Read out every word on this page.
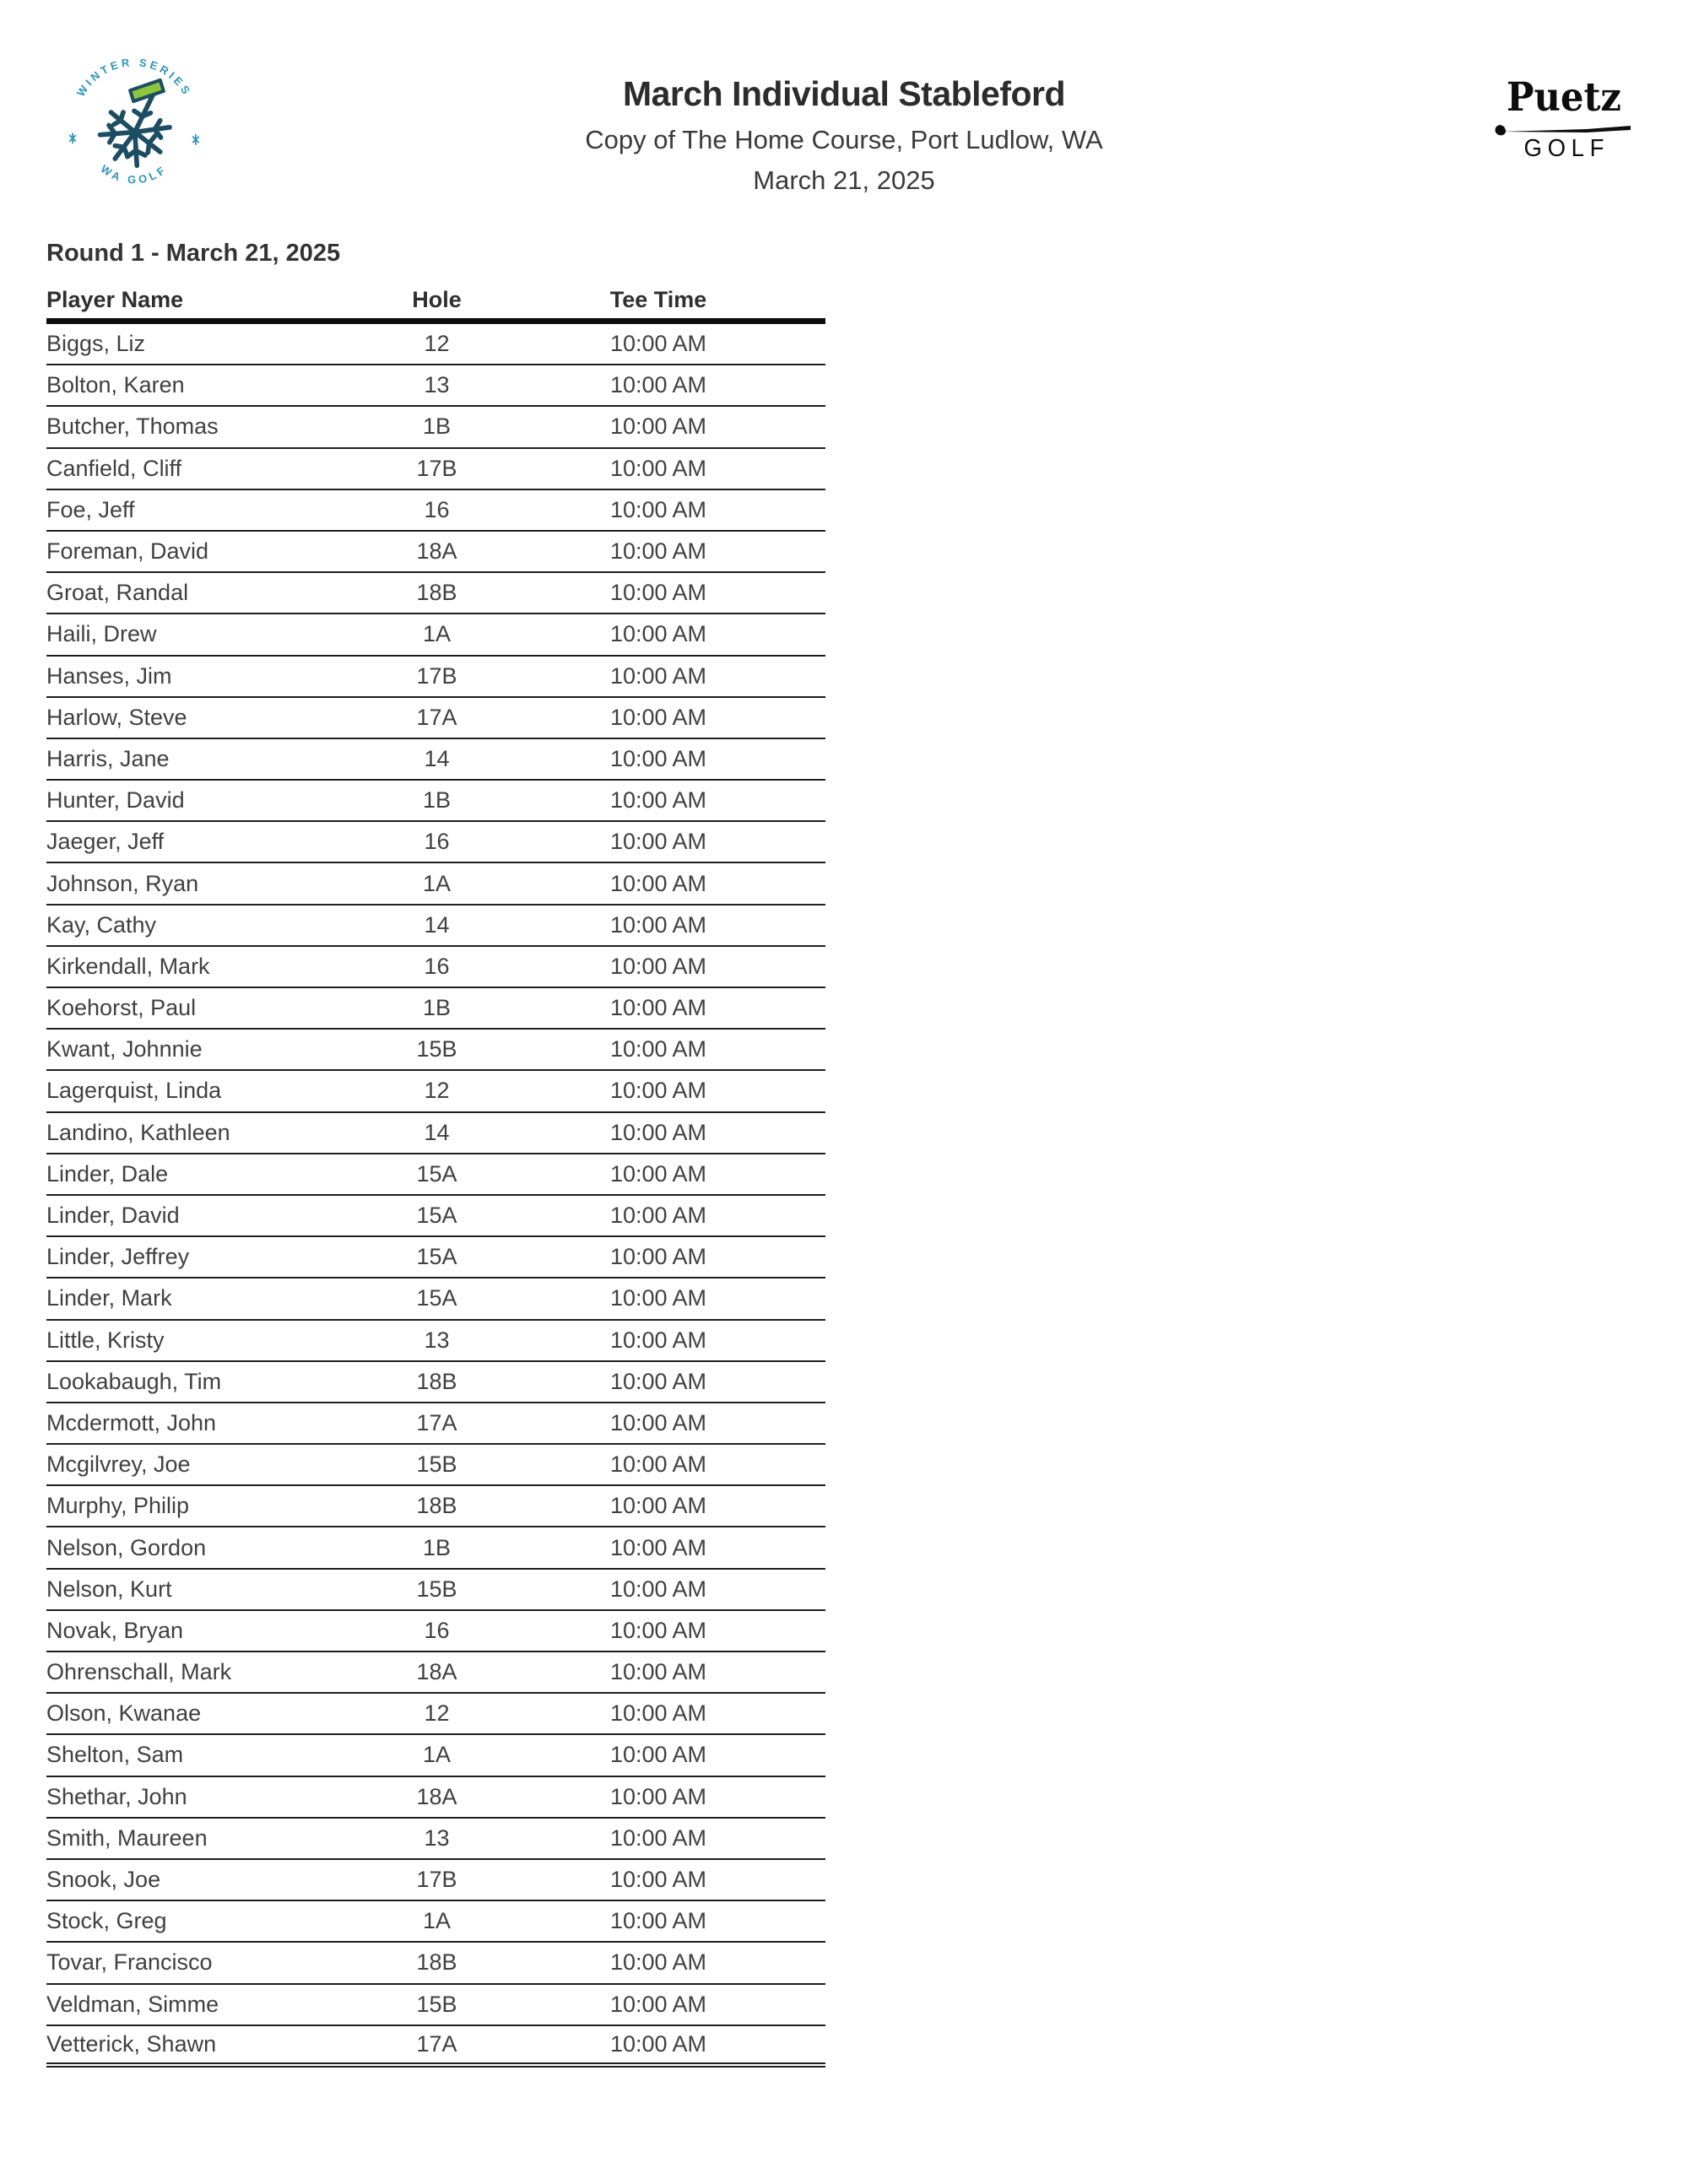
WINTER SERIES
WA GOLF
March Individual Stableford
Copy of The Home Course, Port Ludlow, WA
March 21, 2025
Puetz
GOLF
Round 1 - March 21, 2025
Player Name	Hole	Tee Time
Biggs, Liz	12	10:00 AM
Bolton, Karen	13	10:00 AM
Butcher, Thomas	1B	10:00 AM
Canfield, Cliff	17B	10:00 AM
Foe, Jeff	16	10:00 AM
Foreman, David	18A	10:00 AM
Groat, Randal	18B	10:00 AM
Haili, Drew	1A	10:00 AM
Hanses, Jim	17B	10:00 AM
Harlow, Steve	17A	10:00 AM
Harris, Jane	14	10:00 AM
Hunter, David	1B	10:00 AM
Jaeger, Jeff	16	10:00 AM
Johnson, Ryan	1A	10:00 AM
Kay, Cathy	14	10:00 AM
Kirkendall, Mark	16	10:00 AM
Koehorst, Paul	1B	10:00 AM
Kwant, Johnnie	15B	10:00 AM
Lagerquist, Linda	12	10:00 AM
Landino, Kathleen	14	10:00 AM
Linder, Dale	15A	10:00 AM
Linder, David	15A	10:00 AM
Linder, Jeffrey	15A	10:00 AM
Linder, Mark	15A	10:00 AM
Little, Kristy	13	10:00 AM
Lookabaugh, Tim	18B	10:00 AM
Mcdermott, John	17A	10:00 AM
Mcgilvrey, Joe	15B	10:00 AM
Murphy, Philip	18B	10:00 AM
Nelson, Gordon	1B	10:00 AM
Nelson, Kurt	15B	10:00 AM
Novak, Bryan	16	10:00 AM
Ohrenschall, Mark	18A	10:00 AM
Olson, Kwanae	12	10:00 AM
Shelton, Sam	1A	10:00 AM
Shethar, John	18A	10:00 AM
Smith, Maureen	13	10:00 AM
Snook, Joe	17B	10:00 AM
Stock, Greg	1A	10:00 AM
Tovar, Francisco	18B	10:00 AM
Veldman, Simme	15B	10:00 AM
Vetterick, Shawn	17A	10:00 AM
